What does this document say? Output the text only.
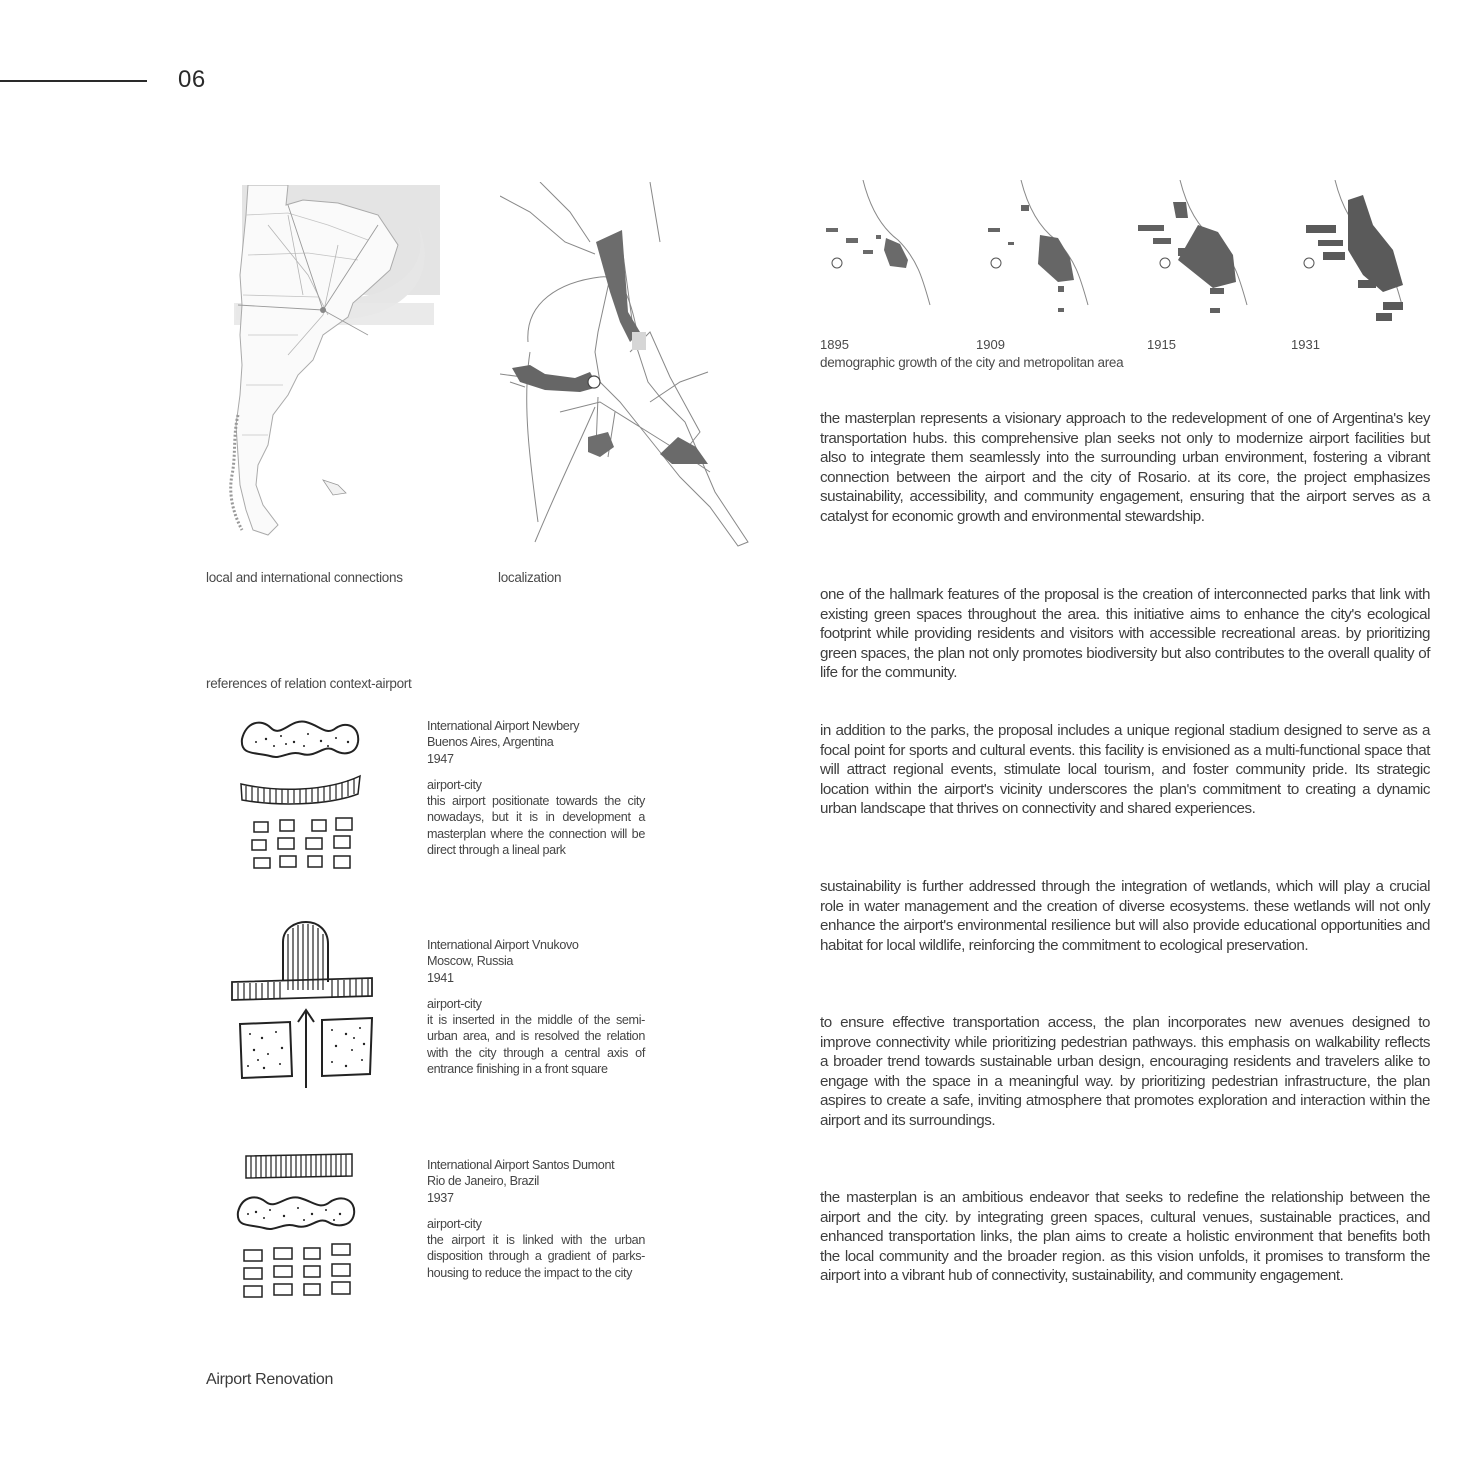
06
local and international connections	localization
1895	1909	1915	1931
demographic growth of the city and metropolitan area
the masterplan represents a visionary approach to the redevelopment of one of Argentina's key transportation hubs. this comprehensive plan seeks not only to modernize airport facilities but also to integrate them seamlessly into the surrounding urban environment, fostering a vibrant connection between the airport and the city of Rosario. at its core, the project emphasizes sustainability, accessibility, and community engagement, ensuring that the airport serves as a catalyst for economic growth and environmental stewardship.
one of the hallmark features of the proposal is the creation of interconnected parks that link with existing green spaces throughout the area. this initiative aims to enhance the city's ecological footprint while providing residents and visitors with accessible recreational areas. by prioritizing green spaces, the plan not only promotes biodiversity but also contributes to the overall quality of life for the community.
in addition to the parks, the proposal includes a unique regional stadium designed to serve as a focal point for sports and cultural events. this facility is envisioned as a multi-functional space that will attract regional events, stimulate local tourism, and foster community pride. Its strategic location within the airport's vicinity underscores the plan's commitment to creating a dynamic urban landscape that thrives on connectivity and shared experiences.
sustainability is further addressed through the integration of wetlands, which will play a crucial role in water management and the creation of diverse ecosystems. these wetlands will not only enhance the airport's environmental resilience but will also provide educational opportunities and habitat for local wildlife, reinforcing the commitment to ecological preservation.
to ensure effective transportation access, the plan incorporates new avenues designed to improve connectivity while prioritizing pedestrian pathways. this emphasis on walkability reflects a broader trend towards sustainable urban design, encouraging residents and travelers alike to engage with the space in a meaningful way. by prioritizing pedestrian infrastructure, the plan aspires to create a safe, inviting atmosphere that promotes exploration and interaction within the airport and its surroundings.
the masterplan is an ambitious endeavor that seeks to redefine the relationship between the airport and the city. by integrating green spaces, cultural venues, sustainable practices, and enhanced transportation links, the plan aims to create a holistic environment that benefits both the local community and the broader region. as this vision unfolds, it promises to transform the airport into a vibrant hub of connectivity, sustainability, and community engagement.
references of relation context-airport

International Airport Newbery

Buenos Aires, Argentina

1947

airport-city

this airport positionate towards the city nowadays, but it is in development a masterplan where the connection will be direct through a lineal park

International Airport Vnukovo

Moscow, Russia

1941

airport-city

it is inserted in the middle of the semi-urban area, and is resolved the relation with the city through a central axis of entrance finishing in a front square

International Airport Santos Dumont

Rio de Janeiro, Brazil

1937

airport-city

the airport it is linked with the urban disposition through a gradient of parks-housing to reduce the impact to the city

Airport Renovation
